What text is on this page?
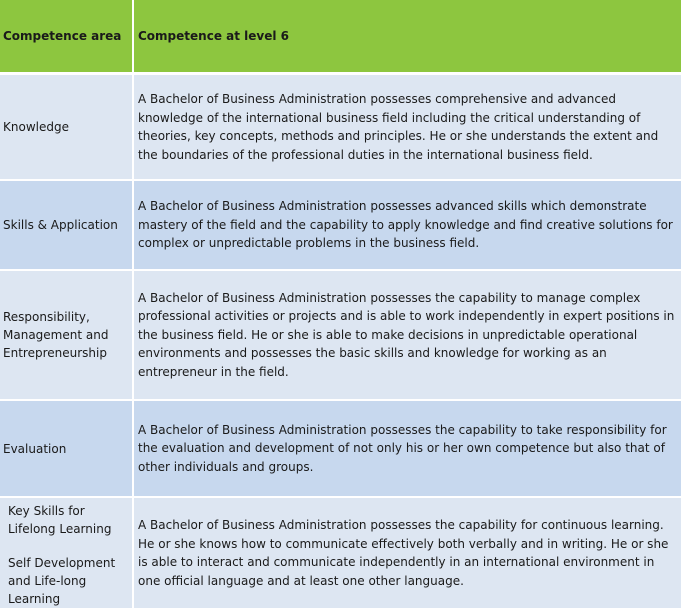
Competence area	Competence at level 6
Knowledge
A Bachelor of Business Administration possesses comprehensive and advanced knowledge of the international business field including the critical understanding of theories, key concepts, methods and principles. He or she understands the extent and the boundaries of the professional duties in the international business field.
Skills & Application
A Bachelor of Business Administration possesses advanced skills which demonstrate mastery of the field and the capability to apply knowledge and find creative solutions for complex or unpredictable problems in the business field.
Responsibility, Management and Entrepreneurship
A Bachelor of Business Administration possesses the capability to manage complex professional activities or projects and is able to work independently in expert positions in the business field. He or she is able to make decisions in unpredictable operational environments and possesses the basic skills and knowledge for working as an entrepreneur in the field.
Evaluation
A Bachelor of Business Administration possesses the capability to take responsibility for the evaluation and development of not only his or her own competence but also that of other individuals and groups.
Key Skills for Lifelong Learning
Self Development and Life-long Learning
A Bachelor of Business Administration possesses the capability for continuous learning. He or she knows how to communicate effectively both verbally and in writing. He or she is able to interact and communicate independently in an international environment in one official language and at least one other language.
